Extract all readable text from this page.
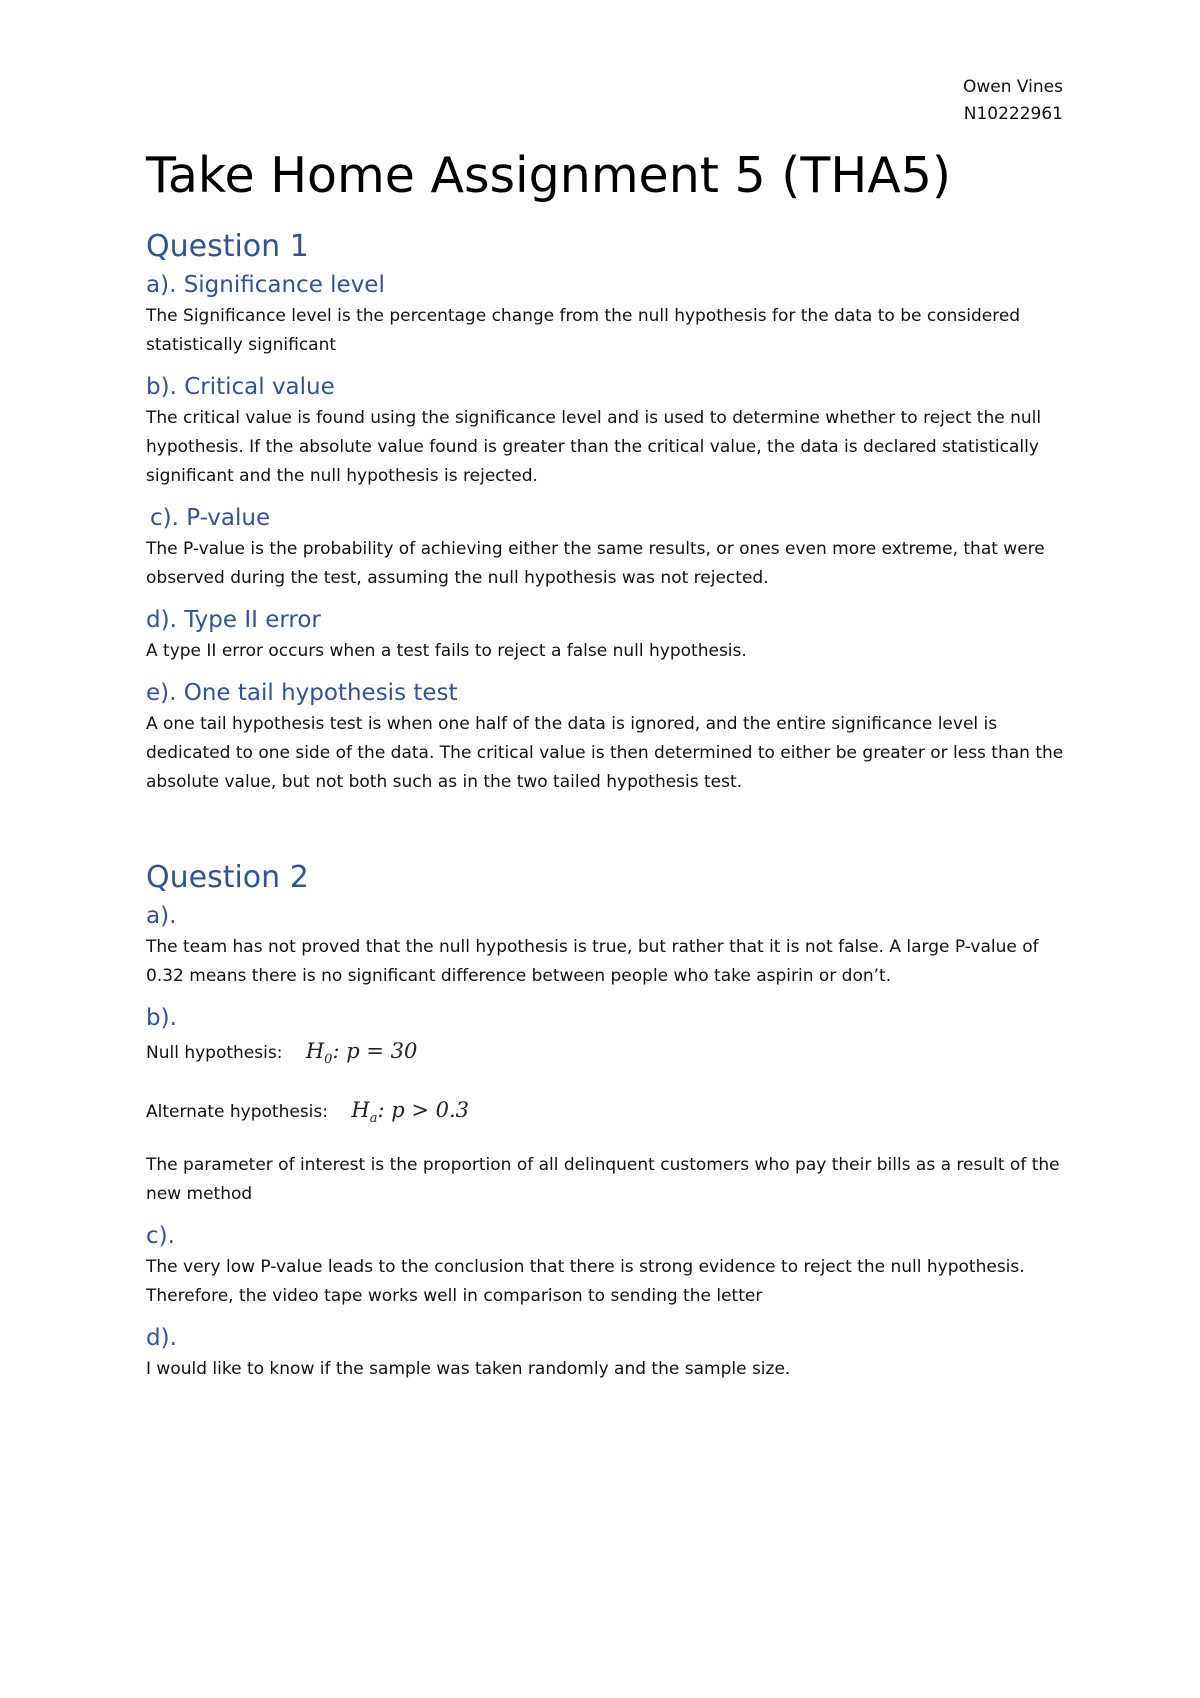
Owen Vines
N10222961
Take Home Assignment 5 (THA5)
Question 1
a). Significance level

The Significance level is the percentage change from the null hypothesis for the data to be considered statistically significant

b). Critical value

The critical value is found using the significance level and is used to determine whether to reject the null hypothesis. If the absolute value found is greater than the critical value, the data is declared statistically significant and the null hypothesis is rejected.

c). P-value

The P-value is the probability of achieving either the same results, or ones even more extreme, that were observed during the test, assuming the null hypothesis was not rejected.

d). Type II error

A type II error occurs when a test fails to reject a false null hypothesis.

e). One tail hypothesis test

A one tail hypothesis test is when one half of the data is ignored, and the entire significance level is dedicated to one side of the data. The critical value is then determined to either be greater or less than the absolute value, but not both such as in the two tailed hypothesis test.

Question 2
a).

The team has not proved that the null hypothesis is true, but rather that it is not false. A large P-value of 0.32 means there is no significant difference between people who take aspirin or don’t.

b).

Null hypothesis: $H_0$: p = 30

Alternate hypothesis: $H_a$: p > 0.3

The parameter of interest is the proportion of all delinquent customers who pay their bills as a result of the new method

c).

The very low P-value leads to the conclusion that there is strong evidence to reject the null hypothesis. Therefore, the video tape works well in comparison to sending the letter

d).

I would like to know if the sample was taken randomly and the sample size.
